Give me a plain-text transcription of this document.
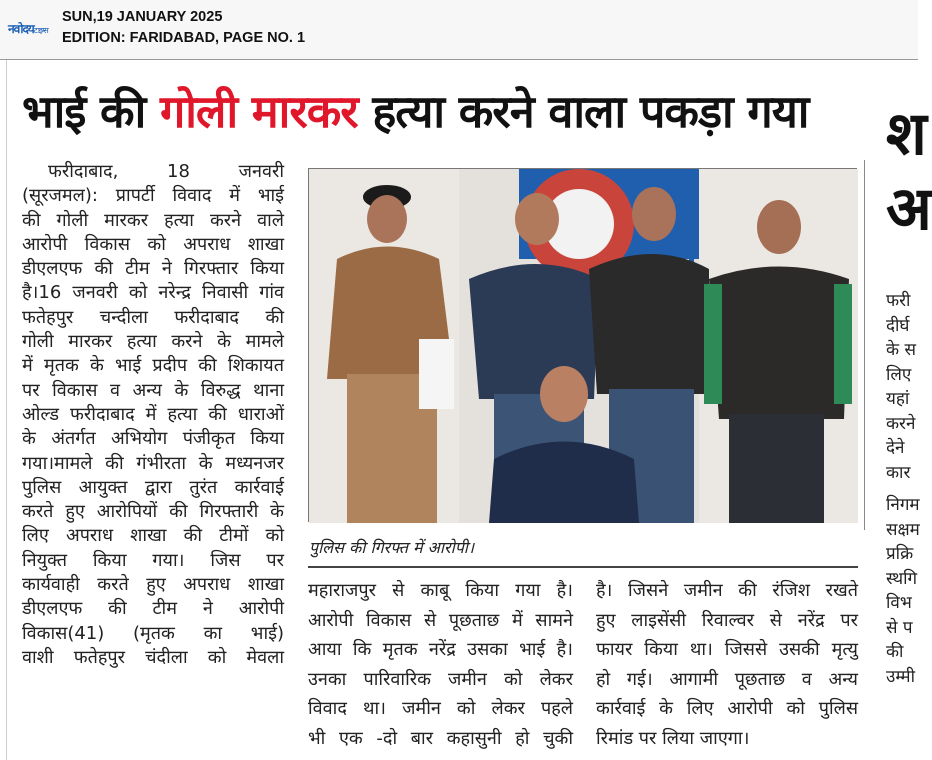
नवोदयटाइम्स
SUN,19 JANUARY 2025
EDITION: FARIDABAD, PAGE NO. 1
भाई की गोली मारकर हत्या करने वाला पकड़ा गया
फरीदाबाद, 18 जनवरी
(सूरजमल): प्रापर्टी विवाद में भाई
की गोली मारकर हत्या करने वाले
आरोपी विकास को अपराध शाखा
डीएलएफ की टीम ने गिरफ्तार किया
है।16 जनवरी को नरेन्द्र निवासी गांव
फतेहपुर चन्दीला फरीदाबाद की
गोली मारकर हत्या करने के मामले
में मृतक के भाई प्रदीप की शिकायत
पर विकास व अन्य के विरुद्ध थाना
ओल्ड फरीदाबाद में हत्या की धाराओं
के अंतर्गत अभियोग पंजीकृत किया
गया।मामले की गंभीरता के मध्यनजर
पुलिस आयुक्त द्वारा तुरंत कार्रवाई
करते हुए आरोपियों की गिरफ्तारी के
लिए अपराध शाखा की टीमों को
नियुक्त किया गया। जिस पर
कार्यवाही करते हुए अपराध शाखा
डीएलएफ की टीम ने आरोपी
विकास(41) (मृतक का भाई)
वाशी फतेहपुर चंदीला को मेवला
पुलिस की गिरफ्त में आरोपी।
महाराजपुर से काबू किया गया है।
आरोपी विकास से पूछताछ में सामने
आया कि मृतक नरेंद्र उसका भाई है।
उनका पारिवारिक जमीन को लेकर
विवाद था। जमीन को लेकर पहले
भी एक -दो बार कहासुनी हो चुकी
है। जिसने जमीन की रंजिश रखते
हुए लाइसेंसी रिवाल्वर से नरेंद्र पर
फायर किया था। जिससे उसकी मृत्यु
हो गई। आगामी पूछताछ व अन्य
कार्रवाई के लिए आरोपी को पुलिस
रिमांड पर लिया जाएगा।
श
अ
फरी
दीर्घ
के स
लिए
यहां
करने
देने
कार
निगम
सक्षम
प्रक्रि
स्थगि
विभ
से प
की
उम्मी
